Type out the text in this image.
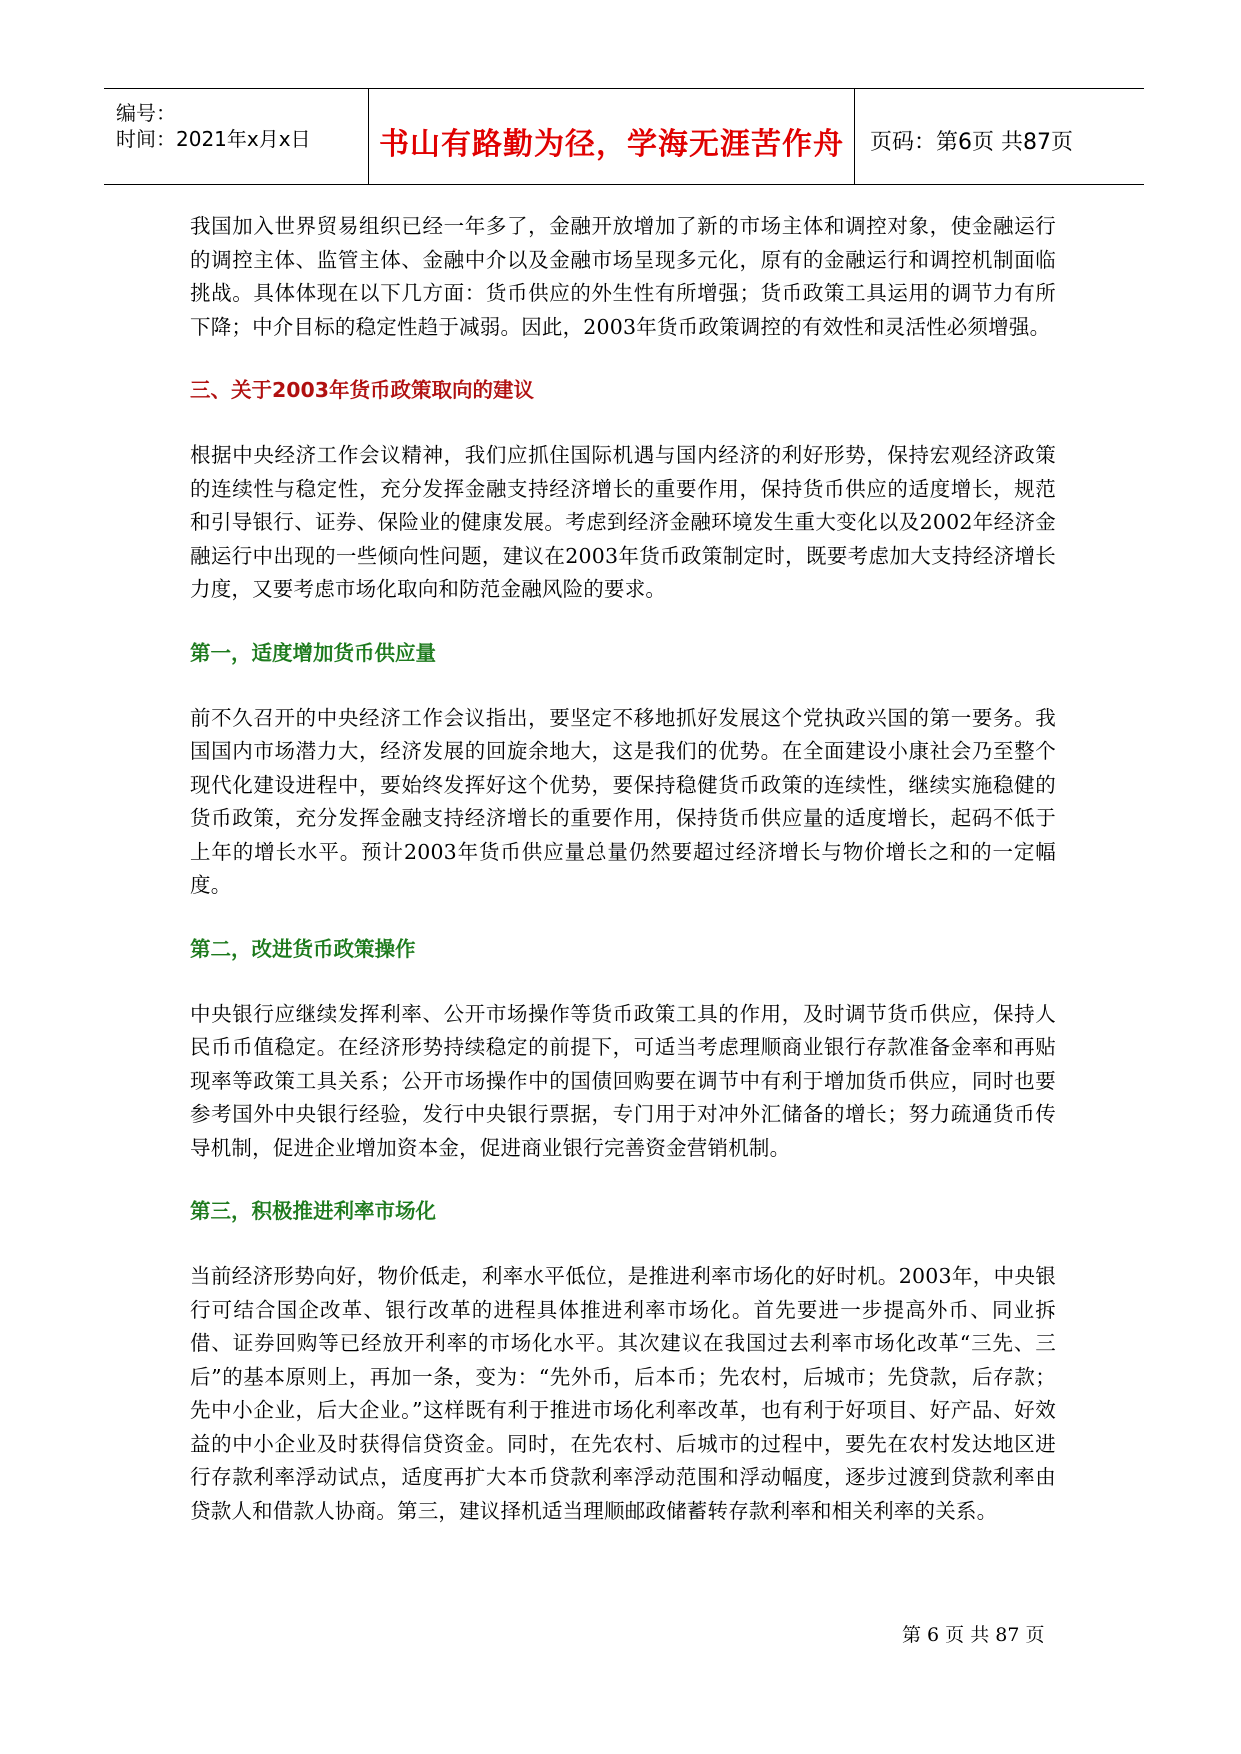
编号：
时间：2021年x月x日	书山有路勤为径，学海无涯苦作舟	页码：第6页 共87页

我国加入世界贸易组织已经一年多了，金融开放增加了新的市场主体和调控对象，使金融运行的调控主体、监管主体、金融中介以及金融市场呈现多元化，原有的金融运行和调控机制面临挑战。具体体现在以下几方面：货币供应的外生性有所增强；货币政策工具运用的调节力有所下降；中介目标的稳定性趋于减弱。因此，2003年货币政策调控的有效性和灵活性必须增强。

三、关于2003年货币政策取向的建议

根据中央经济工作会议精神，我们应抓住国际机遇与国内经济的利好形势，保持宏观经济政策的连续性与稳定性，充分发挥金融支持经济增长的重要作用，保持货币供应的适度增长，规范和引导银行、证券、保险业的健康发展。考虑到经济金融环境发生重大变化以及2002年经济金融运行中出现的一些倾向性问题，建议在2003年货币政策制定时，既要考虑加大支持经济增长力度，又要考虑市场化取向和防范金融风险的要求。

第一，适度增加货币供应量

前不久召开的中央经济工作会议指出，要坚定不移地抓好发展这个党执政兴国的第一要务。我国国内市场潜力大，经济发展的回旋余地大，这是我们的优势。在全面建设小康社会乃至整个现代化建设进程中，要始终发挥好这个优势，要保持稳健货币政策的连续性，继续实施稳健的货币政策，充分发挥金融支持经济增长的重要作用，保持货币供应量的适度增长，起码不低于上年的增长水平。预计2003年货币供应量总量仍然要超过经济增长与物价增长之和的一定幅度。

第二，改进货币政策操作

中央银行应继续发挥利率、公开市场操作等货币政策工具的作用，及时调节货币供应，保持人民币币值稳定。在经济形势持续稳定的前提下，可适当考虑理顺商业银行存款准备金率和再贴现率等政策工具关系；公开市场操作中的国债回购要在调节中有利于增加货币供应，同时也要参考国外中央银行经验，发行中央银行票据，专门用于对冲外汇储备的增长；努力疏通货币传导机制，促进企业增加资本金，促进商业银行完善资金营销机制。

第三，积极推进利率市场化

当前经济形势向好，物价低走，利率水平低位，是推进利率市场化的好时机。2003年，中央银行可结合国企改革、银行改革的进程具体推进利率市场化。首先要进一步提高外币、同业拆借、证券回购等已经放开利率的市场化水平。其次建议在我国过去利率市场化改革“三先、三后”的基本原则上，再加一条，变为：“先外币，后本币；先农村，后城市；先贷款，后存款；先中小企业，后大企业。”这样既有利于推进市场化利率改革，也有利于好项目、好产品、好效益的中小企业及时获得信贷资金。同时，在先农村、后城市的过程中，要先在农村发达地区进行存款利率浮动试点，适度再扩大本币贷款利率浮动范围和浮动幅度，逐步过渡到贷款利率由贷款人和借款人协商。第三，建议择机适当理顺邮政储蓄转存款利率和相关利率的关系。

第 6 页 共 87 页
